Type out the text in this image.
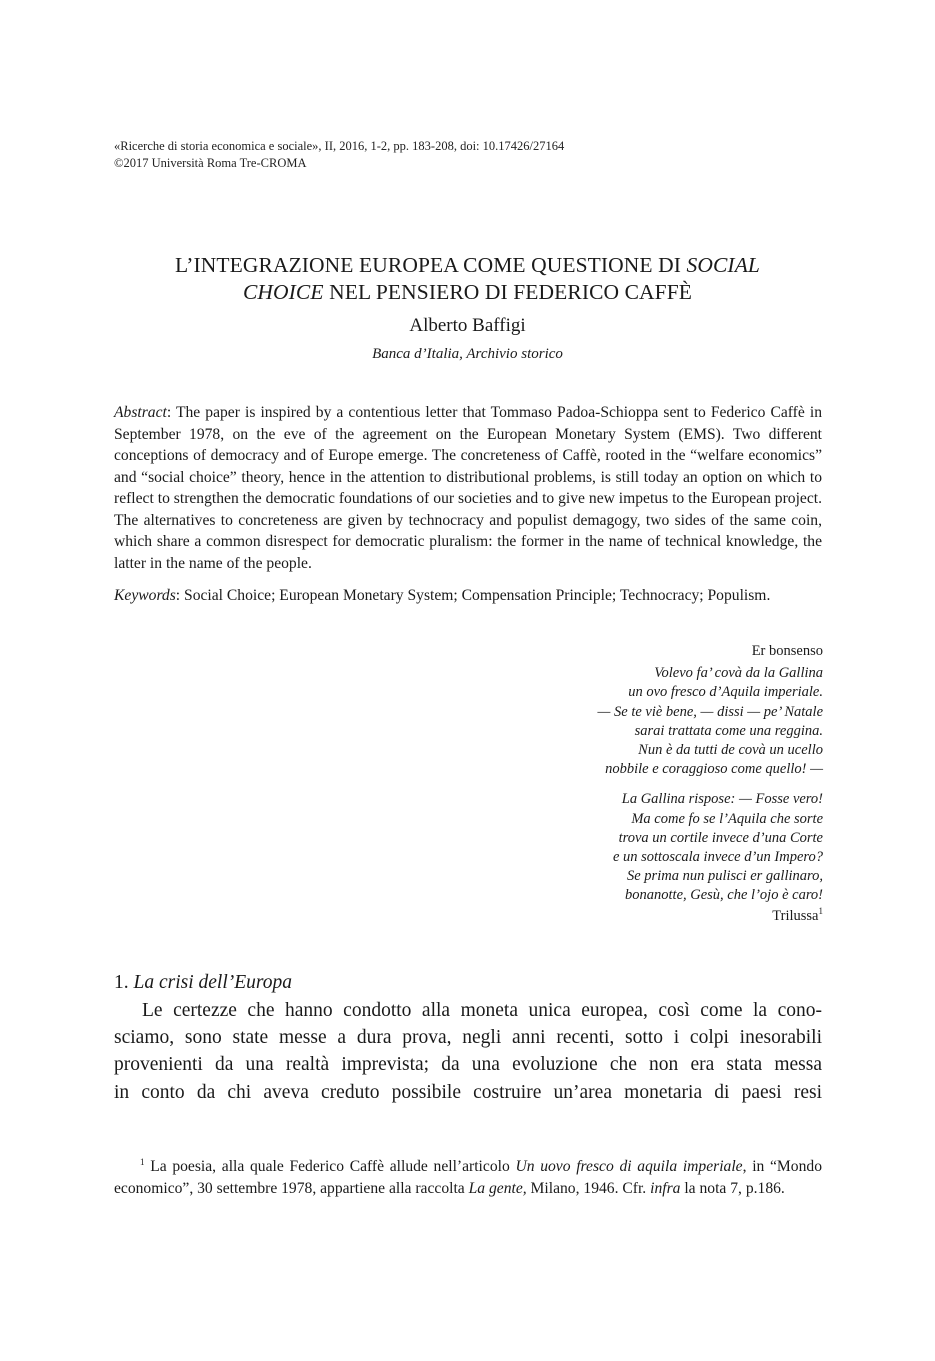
«Ricerche di storia economica e sociale», II, 2016, 1-2, pp. 183-208, doi: 10.17426/27164
©2017 Università Roma Tre-CROMA
L’INTEGRAZIONE EUROPEA COME QUESTIONE DI SOCIAL
CHOICE NEL PENSIERO DI FEDERICO CAFFÈ
Alberto Baffigi
Banca d’Italia, Archivio storico
Abstract: The paper is inspired by a contentious letter that Tommaso Padoa-Schioppa sent to Federico Caffè in September 1978, on the eve of the agreement on the European Monetary System (EMS). Two different conceptions of democracy and of Europe emerge. The concreteness of Caffè, rooted in the “welfare economics” and “social choice” theory, hence in the attention to distributional problems, is still today an option on which to reflect to strengthen the democratic foundations of our societies and to give new impetus to the European project. The alternatives to concreteness are given by technocracy and populist demagogy, two sides of the same coin, which share a common disrespect for democratic pluralism: the former in the name of technical knowledge, the latter in the name of the people.
Keywords: Social Choice; European Monetary System; Compensation Principle; Technocracy; Populism.
Er bonsenso
Volevo fa’ covà da la Gallina
un ovo fresco d’Aquila imperiale.
— Se te viè bene, — dissi — pe’ Natale
sarai trattata come una reggina.
Nun è da tutti de covà un ucello
nobbile e coraggioso come quello! —
La Gallina rispose: — Fosse vero!
Ma come fo se l’Aquila che sorte
trova un cortile invece d’una Corte
e un sottoscala invece d’un Impero?
Se prima nun pulisci er gallinaro,
bonanotte, Gesù, che l’ojo è caro!
Trilussa$^1$
1. La crisi dell’Europa
Le certezze che hanno condotto alla moneta unica europea, così come la cono-
sciamo, sono state messe a dura prova, negli anni recenti, sotto i colpi inesorabili
provenienti da una realtà imprevista; da una evoluzione che non era stata messa
in conto da chi aveva creduto possibile costruire un’area monetaria di paesi resi
$^1$ La poesia, alla quale Federico Caffè allude nell’articolo Un uovo fresco di aquila imperiale, in “Mondo economico”, 30 settembre 1978, appartiene alla raccolta La gente, Milano, 1946. Cfr. infra la nota 7, p.186.
